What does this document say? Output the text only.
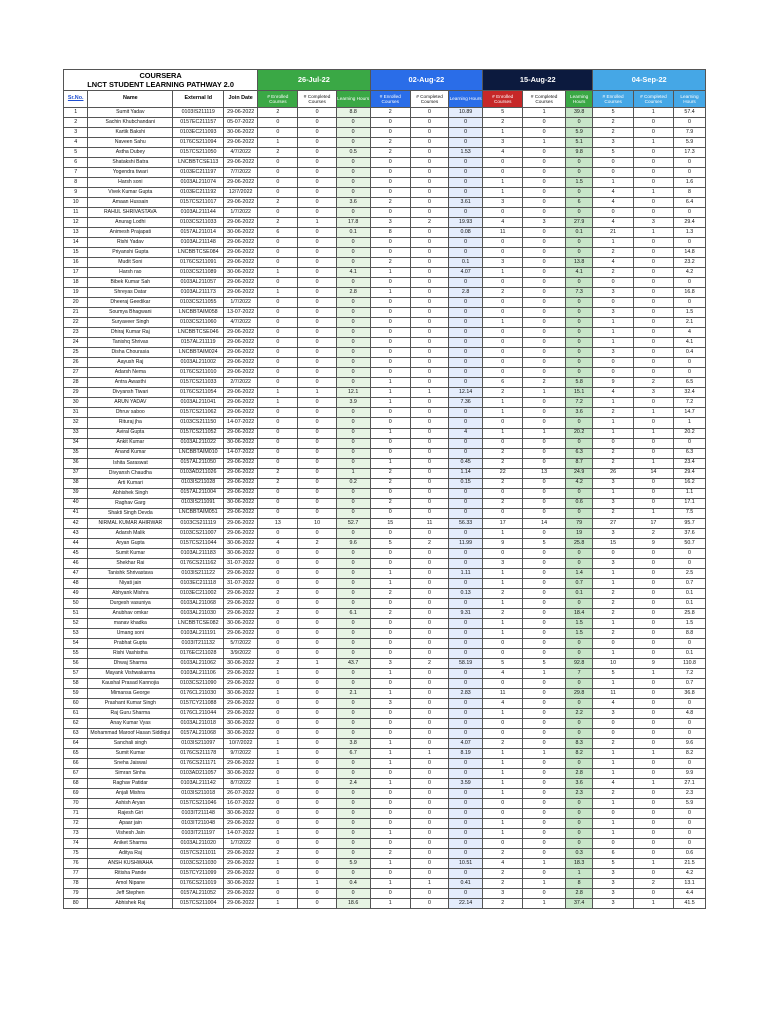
COURSERA
LNCT STUDENT LEARNING PATHWAY 2.0				26-Jul-22			02-Aug-22			15-Aug-22			04-Sep-22		
Sr.No.	Name	External Id	Join Date	# Enrolled Courses	# Completed Courses	Learning Hours	# Enrolled Courses	# Completed Courses	Learning Hours	# Enrolled Courses	# Completed Courses	Learning Hours	# Enrolled Courses	# Completed Courses	Learning Hours
1	Sumit Yadav	0103IS211119	29-06-2022	2	0	8.8	2	0	10.89	5	1	39.8	5	1	57.4
2	Sachin Khubchandani	0157EC211157	05-07-2022	0	0	0	0	0	0	2	0	0	2	0	0
3	Kartik Bakshi	0103EC211093	30-06-2022	0	0	0	0	0	0	1	0	5.9	2	0	7.9
4	Naveen Sahu	0176CS211094	29-06-2022	1	0	0	2	0	0	3	1	5.1	3	1	5.9
5	Astha Dubey	0157CS211050	4/7/2022	2	0	0.5	2	0	1.53	4	0	9.8	5	0	17.3
6	Shatakshi Batra	LNCBBTCSE113	29-06-2022	0	0	0	0	0	0	0	0	0	0	0	0
7	Yogendra tiwari	0103EC211197	7/7/2022	0	0	0	0	0	0	0	0	0	0	0	0
8	Harsh soni	0103AL211074	29-06-2022	0	0	0	0	0	0	1	0	1.5	1	0	1.6
9	Vivek Kumar Gupta	0103EC211192	12/7/2022	0	0	0	0	0	0	1	0	0	4	1	8
10	Amaan Hussain	0157CS211017	29-06-2022	2	0	3.6	2	0	3.61	3	0	6	4	0	6.4
11	RAHUL SHRIVASTAVA	0103AL211144	1/7/2022	0	0	0	0	0	0	0	0	0	0	0	0
12	Anurag Lodhi	0103CS211033	29-06-2022	2	1	17.8	3	2	19.93	4	3	27.9	4	3	29.4
13	Animesh Prajapati	0157AL211014	30-06-2022	6	0	0.1	8	0	0.08	11	0	0.1	21	1	1.3
14	Rishi Yadav	0103AL211148	29-06-2022	0	0	0	0	0	0	0	0	0	1	0	0
15	Priyanshi Gupta	LNCBBTCSE084	29-06-2022	0	0	0	0	0	0	0	0	0	2	0	14.8
16	Mudit Soni	0176CS211091	29-06-2022	0	0	0	2	0	0.1	3	0	13.8	4	0	23.2
17	Harsh rao	0103CS211089	30-06-2022	1	0	4.1	1	0	4.07	1	0	4.1	2	0	4.2
18	Bibek Kumar Sah	0103AL211057	29-06-2022	0	0	0	0	0	0	0	0	0	0	0	0
19	Shreyas Datar	0103AL211173	29-06-2022	1	0	2.8	1	0	2.8	2	0	7.3	3	0	16.8
20	Dheeraj Geedikar	0103CS211055	1/7/2022	0	0	0	0	0	0	0	0	0	0	0	0
21	Soumya Bhagwani	LNCBBTAIM058	13-07-2022	0	0	0	0	0	0	0	0	0	3	0	1.5
22	Suryaveer Singh	0103CS211060	4/7/2022	0	0	0	0	0	0	1	0	0	1	0	2.1
23	Dhiraj Kumar Raj	LNCBBTCSE046	29-06-2022	0	0	0	0	0	0	0	0	0	1	0	4
24	Tanishq Shrivas	0157AL211119	29-06-2022	0	0	0	0	0	0	0	0	0	1	0	4.1
25	Disha Chourasia	LNCBBTAIM024	29-06-2022	0	0	0	0	0	0	0	0	0	3	0	0.4
26	Aayush Raj	0103AL211002	29-06-2022	0	0	0	0	0	0	0	0	0	0	0	0
27	Adarsh Nema	0176CS211010	29-06-2022	0	0	0	0	0	0	0	0	0	0	0	0
28	Antra Awasthi	0157CS211033	2/7/2022	0	0	0	1	0	0	6	2	5.8	9	2	6.5
29	Divyansh Tiwari	0176CS211054	29-06-2022	1	1	12.1	1	1	12.14	2	1	15.1	4	3	32.4
30	ARUN YADAV	0103AL211041	29-06-2022	1	0	3.9	1	0	7.36	1	0	7.2	1	0	7.2
31	Dhruv saboo	0157CS211062	29-06-2022	0	0	0	0	0	0	1	0	3.6	2	1	14.7
32	Rituraj jha	0103CS211150	14-07-2022	0	0	0	0	0	0	0	0	0	1	0	1
33	Aviral Gupta	0157CS211052	29-06-2022	0	0	0	1	0	4	1	1	20.2	1	1	20.2
34	Ankit Kumar	0103AL211022	30-06-2022	0	0	0	0	0	0	0	0	0	0	0	0
35	Anand Kumar	LNCBBTAIM010	14-07-2022	0	0	0	0	0	0	2	0	6.3	2	0	6.3
36	Ishita Saraswat	0157AL211050	29-06-2022	0	0	0	1	0	0.45	2	0	8.7	2	1	23.4
37	Divyansh Chaudha	0103AD211026	29-06-2022	2	0	1	2	0	1.14	22	13	24.9	26	14	29.4
38	Arti Kumari	0103IS211028	29-06-2022	2	0	0.2	2	0	0.15	2	0	4.2	3	0	16.2
39	Abhishek Singh	0157AL211004	29-06-2022	0	0	0	0	0	0	0	0	0	1	0	1.1
40	Raghav Garg	0103IS211091	30-06-2022	0	0	0	2	0	0	2	0	0.6	3	0	17.1
41	Shakti Singh Devda	LNCBBTAIM051	29-06-2022	0	0	0	0	0	0	0	0	0	2	1	7.5
42	NIRMAL KUMAR AHIRWAR	0103CS211119	29-06-2022	13	10	52.7	15	11	56.33	17	14	79	27	17	95.7
43	Adarsh Malik	0103CS211007	29-06-2022	0	0	0	0	0	0	1	0	19	3	2	37.6
44	Aryan Gupta	0157CS211044	30-06-2022	4	2	9.6	5	2	11.99	9	5	25.8	15	9	50.7
45	Sumit Kumar	0103AL211183	30-06-2022	0	0	0	0	0	0	0	0	0	0	0	0
46	Shekhar Rai	0176CS211162	31-07-2022	0	0	0	0	0	0	3	0	0	3	0	0
47	Tanishk Shrivastava	0103IS211122	29-06-2022	0	0	0	1	0	1.11	1	0	1.4	1	0	2.5
48	Niyati jain	0103EC211118	31-07-2022	0	0	0	1	0	0	1	0	0.7	1	0	0.7
49	Abhyank Mishra	0103EC211002	29-06-2022	2	0	0	2	0	0.13	2	0	0.1	2	0	0.1
50	Durgesh vasuniya	0103AL211068	29-06-2022	0	0	0	0	0	0	1	0	0	2	0	0.1
51	Anubhav omkar	0103AL211030	29-06-2022	2	0	6.1	2	0	9.31	2	0	18.4	2	0	25.8
52	manav khadka	LNCBBTCSE082	30-06-2022	0	0	0	0	0	0	1	0	1.5	1	0	1.5
53	Umang soni	0103AL211191	29-06-2022	0	0	0	0	0	0	1	0	1.5	2	0	8.8
54	Prabhat Gupta	0103IT211132	5/7/2022	0	0	0	0	0	0	0	0	0	0	0	0
55	Rishi Vashistha	0176EC211028	3/9/2022	0	0	0	0	0	0	0	0	0	1	0	0.1
56	Dhwaj Sharma	0103AL211062	30-06-2022	2	1	43.7	3	2	58.19	5	5	92.8	10	9	110.8
57	Mayank Vishwakarma	0103AL211106	29-06-2022	1	0	0	1	0	0	4	1	7	5	1	7.2
58	Kaushal Prasad Kannojia	0103CS211090	29-06-2022	0	0	0	0	0	0	0	0	0	1	0	0.7
59	Mimansa George	0176CL211030	30-06-2022	1	0	2.1	1	0	2.83	11	0	29.8	11	0	36.8
60	Prashant Kumar Singh	0157CY211088	29-06-2022	0	0	0	3	0	0	4	0	0	4	0	0
61	Raj Guru Sharma	0176CL211044	29-06-2022	0	0	0	0	0	0	1	0	2.2	3	0	4.8
62	Anay Kumar Vyas	0103AL211018	30-06-2022	0	0	0	0	0	0	0	0	0	0	0	0
63	Mohammad Maroof Hasan Siddiqui	0157AL211068	30-06-2022	0	0	0	0	0	0	0	0	0	0	0	0
64	Sanchali singh	0103IS211097	10/7/2022	1	0	3.8	1	0	4.07	2	0	8.3	2	0	9.6
65	Sumit Kumar	0176CS211178	9/7/2022	1	0	6.7	1	1	8.19	1	1	8.2	1	1	8.2
66	Sneha Jaiswal	0176CS211171	29-06-2022	1	0	0	1	0	0	1	0	0	1	0	0
67	Simran Sinha	0103AD211057	30-06-2022	0	0	0	0	0	0	1	0	2.8	1	0	9.9
68	Raghav Patidar	0103AL211142	8/7/2022	1	0	2.4	1	0	3.59	1	0	3.6	4	1	27.1
69	Anjali Mishra	0103IS211018	26-07-2022	0	0	0	0	0	0	1	0	2.3	2	0	2.3
70	Ashish Aryan	0157CS211046	16-07-2022	0	0	0	0	0	0	0	0	0	1	0	5.9
71	Rajesh Giri	0103IT211148	30-06-2022	0	0	0	0	0	0	0	0	0	0	0	0
72	Apaar jain	0103IT211048	29-06-2022	0	0	0	0	0	0	1	0	0	1	0	0
73	Vishesh Jain	0103IT211197	14-07-2022	1	0	0	1	0	0	1	0	0	1	0	0
74	Aniket Sharma	0103AL211020	1/7/2022	0	0	0	0	0	0	0	0	0	0	0	0
75	Aditya Raj	0157CS211011	29-06-2022	2	0	0	2	0	0	2	0	0.3	6	0	0.6
76	ANSH KUSHWAHA	0103CS211030	29-06-2022	1	0	5.9	1	0	10.51	4	1	18.3	5	1	21.5
77	Ritisha Pande	0157CY211099	29-06-2022	0	0	0	0	0	0	2	0	1	3	0	4.2
78	Amol Nipane	0176CS211019	30-06-2022	1	1	0.4	1	1	0.41	2	1	8	3	2	13.1
79	Jeff Stephen	0157AL211052	29-06-2022	0	0	0	0	0	0	3	0	2.8	3	0	4.4
80	Abhishek Raj	0157CS211004	29-06-2022	1	0	18.6	1	0	22.14	2	1	37.4	3	1	41.5
